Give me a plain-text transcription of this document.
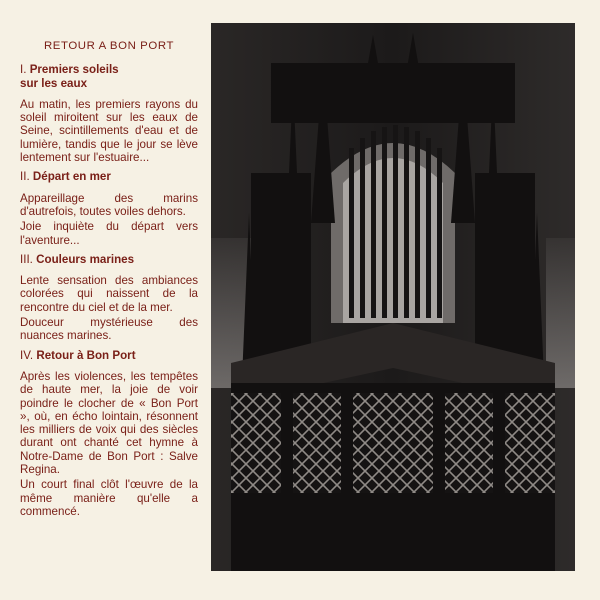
RETOUR A BON PORT
I. Premiers soleils
sur les eaux

Au matin, les premiers rayons du soleil miroitent sur les eaux de Seine, scintillements d'eau et de lumière, tandis que le jour se lève lentement sur l'estuaire...

II. Départ en mer

Appareillage des marins d'autrefois, toutes voiles dehors.

Joie inquiète du départ vers l'aventure...

III. Couleurs marines

Lente sensation des ambiances colorées qui naissent de la rencontre du ciel et de la mer.

Douceur mystérieuse des nuances marines.

IV. Retour à Bon Port

Après les violences, les tempêtes de haute mer, la joie de voir poindre le clocher de « Bon Port », où, en écho lointain, résonnent les milliers de voix qui des siècles durant ont chanté cet hymne à Notre-Dame de Bon Port : Salve Regina.

Un court final clôt l'œuvre de la même manière qu'elle a commencé.
